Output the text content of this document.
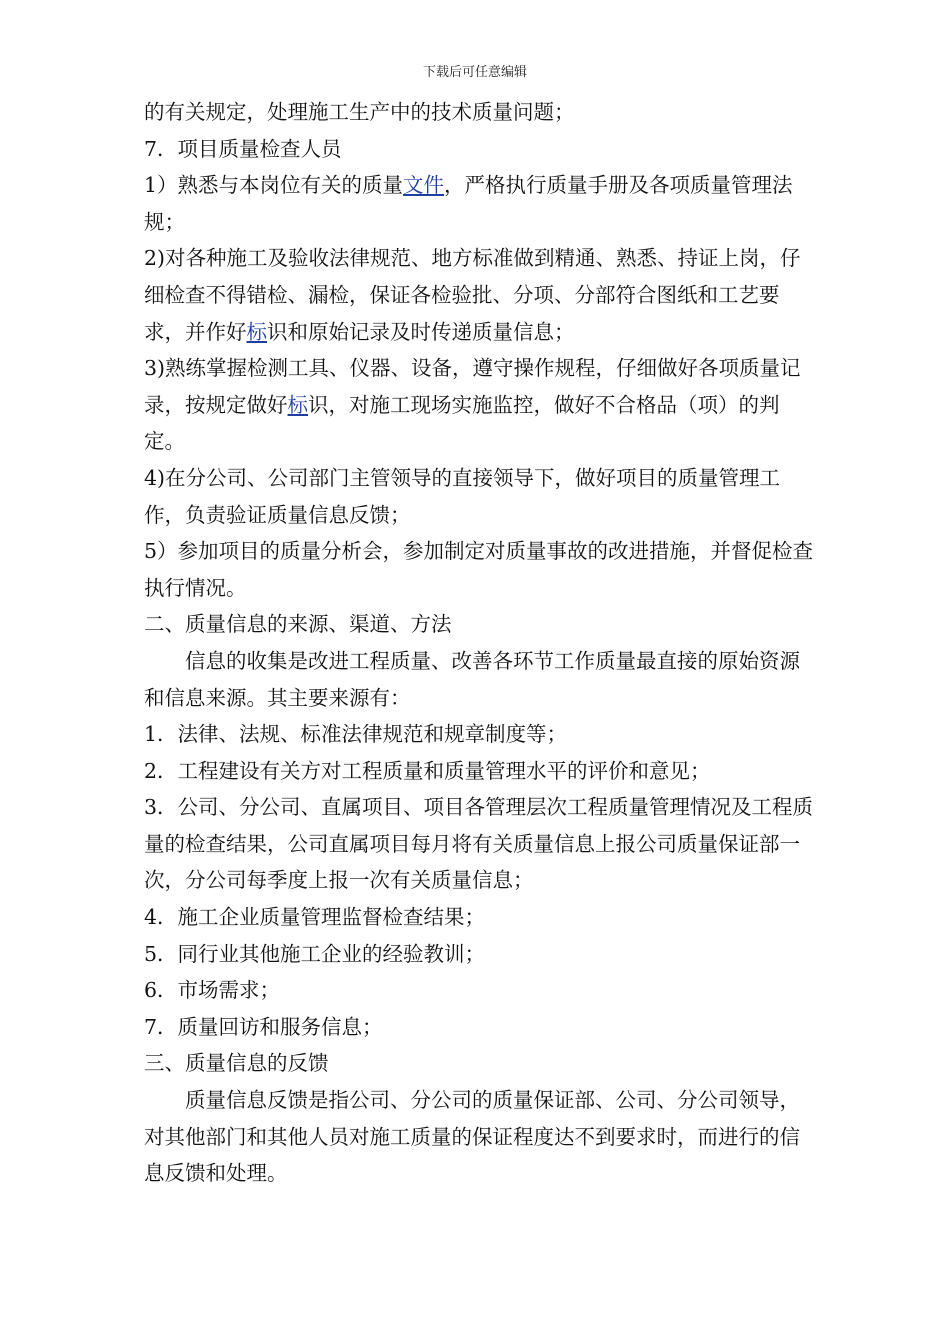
下载后可任意编辑

的有关规定，处理施工生产中的技术质量问题；

7．项目质量检查人员

1）熟悉与本岗位有关的质量文件，严格执行质量手册及各项质量管理法规；

2)对各种施工及验收法律规范、地方标准做到精通、熟悉、持证上岗，仔细检查不得错检、漏检，保证各检验批、分项、分部符合图纸和工艺要求，并作好标识和原始记录及时传递质量信息；

3)熟练掌握检测工具、仪器、设备，遵守操作规程，仔细做好各项质量记录，按规定做好标识，对施工现场实施监控，做好不合格品（项）的判定。

4)在分公司、公司部门主管领导的直接领导下，做好项目的质量管理工作，负责验证质量信息反馈；

5）参加项目的质量分析会，参加制定对质量事故的改进措施，并督促检查执行情况。

二、质量信息的来源、渠道、方法

信息的收集是改进工程质量、改善各环节工作质量最直接的原始资源和信息来源。其主要来源有：

1．法律、法规、标准法律规范和规章制度等；

2．工程建设有关方对工程质量和质量管理水平的评价和意见；

3．公司、分公司、直属项目、项目各管理层次工程质量管理情况及工程质量的检查结果，公司直属项目每月将有关质量信息上报公司质量保证部一次，分公司每季度上报一次有关质量信息；

4．施工企业质量管理监督检查结果；

5．同行业其他施工企业的经验教训；

6．市场需求；

7．质量回访和服务信息；

三、质量信息的反馈

质量信息反馈是指公司、分公司的质量保证部、公司、分公司领导，对其他部门和其他人员对施工质量的保证程度达不到要求时，而进行的信息反馈和处理。
